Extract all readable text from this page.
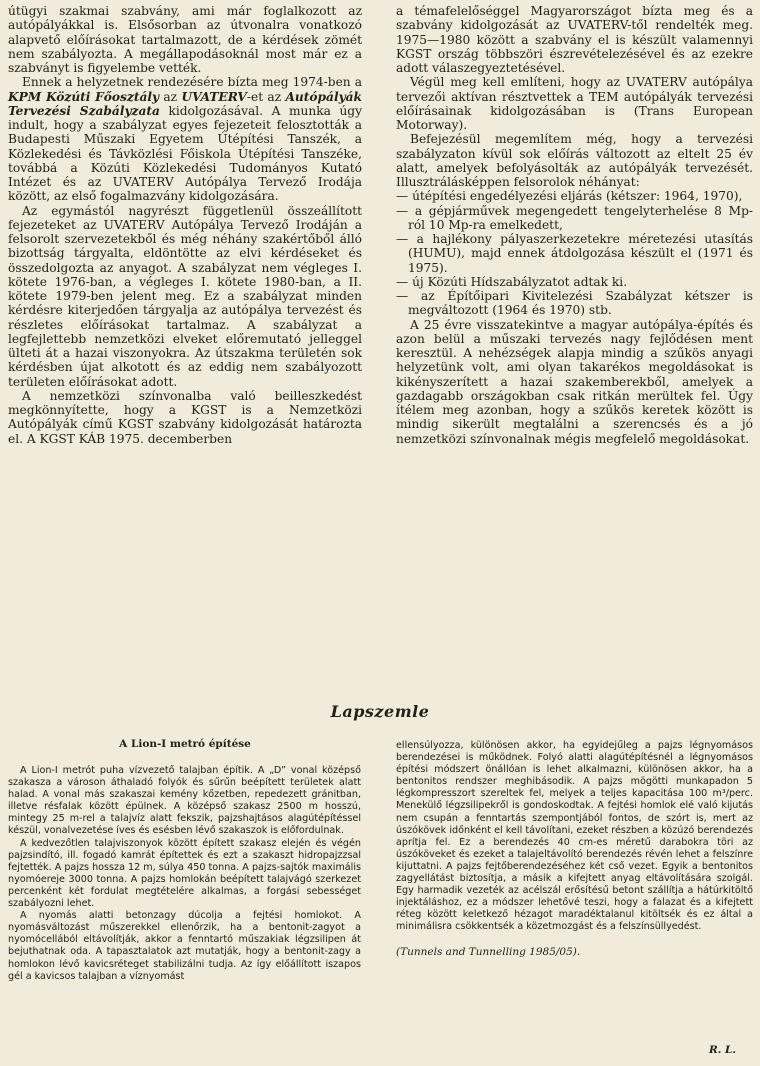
útügyi szakmai szabvány, ami már foglalkozott az autópályákkal is. Elsősorban az útvonalra vonatkozó alapvető előírásokat tartalmazott, de a kérdések zömét nem szabályozta. A megállapodásoknál most már ez a szabványt is figyelembe vették.

Ennek a helyzetnek rendezésére bízta meg 1974-ben a KPM Közúti Főosztály az UVATERV-et az Autópályák Tervezési Szabályzata kidolgozásával. A munka úgy indult, hogy a szabályzat egyes fejezeteit felosztották a Budapesti Műszaki Egyetem Útépítési Tanszék, a Közlekedési és Távközlési Főiskola Útépítési Tanszéke, továbbá a Közúti Közlekedési Tudományos Kutató Intézet és az UVATERV Autópálya Tervező Irodája között, az első fogalmazvány kidolgozására.

Az egymástól nagyrészt függetlenül összeállított fejezeteket az UVATERV Autópálya Tervező Irodáján a felsorolt szervezetekből és még néhány szakértőből álló bizottság tárgyalta, eldöntötte az elvi kérdéseket és összedolgozta az anyagot. A szabályzat nem végleges I. kötete 1976-ban, a végleges I. kötete 1980-ban, a II. kötete 1979-ben jelent meg. Ez a szabályzat minden kérdésre kiterjedően tárgyalja az autópálya tervezést és részletes előírásokat tartalmaz. A szabályzat a legfejlettebb nemzetközi elveket előremutató jelleggel ülteti át a hazai viszonyokra. Az útszakma területén sok kérdésben újat alkotott és az eddig nem szabályozott területen előírásokat adott.

A nemzetközi színvonalba való beilleszkedést megkönnyítette, hogy a KGST is a Nemzetközi Autópályák című KGST szabvány kidolgozását határozta el. A KGST KÁB 1975. decemberben

a témafelelőséggel Magyarországot bízta meg és a szabvány kidolgozását az UVATERV-től rendelték meg. 1975—1980 között a szabvány el is készült valamennyi KGST ország többszöri észrevételezésével és az ezekre adott válaszegyeztetésével.

Végül meg kell említeni, hogy az UVATERV autópálya tervezői aktívan résztvettek a TEM autópályák tervezési előírásainak kidolgozásában is (Trans European Motorway).

Befejezésül megemlítem még, hogy a tervezési szabályzaton kívül sok előírás változott az eltelt 25 év alatt, amelyek befolyásolták az autópályák tervezését. Illusztrálásképpen felsorolok néhányat:

— útépítési engedélyezési eljárás (kétszer: 1964, 1970),

— a gépjárművek megengedett tengelyterhelése 8 Mp-ról 10 Mp-ra emelkedett,

— a hajlékony pályaszerkezetekre méretezési utasítás (HUMU), majd ennek átdolgozása készült el (1971 és 1975).

— új Közúti Hídszabályzatot adtak ki.

— az Építőipari Kivitelezési Szabályzat kétszer is megváltozott (1964 és 1970) stb.

A 25 évre visszatekintve a magyar autópálya-építés és azon belül a műszaki tervezés nagy fejlődésen ment keresztül. A nehézségek alapja mindig a szűkös anyagi helyzetünk volt, ami olyan takarékos megoldásokat is kikényszerített a hazai szakemberekből, amelyek a gazdagabb országokban csak ritkán merültek fel. Úgy ítélem meg azonban, hogy a szűkös keretek között is mindig sikerült megtalálni a szerencsés és a jó nemzetközi színvonalnak mégis megfelelő megoldásokat.

Lapszemle
A Lion-I metró építése

A Lion-I metrót puha vízvezető talajban építik. A „D” vonal középső szakasza a városon áthaladó folyók és sűrűn beépített területek alatt halad. A vonal más szakaszai kemény kőzetben, repedezett gránitban, illetve résfalak között épülnek. A középső szakasz 2500 m hosszú, mintegy 25 m-rel a talajvíz alatt fekszik, pajzshajtásos alagútépítéssel készül, vonalvezetése íves és esésben lévő szakaszok is előfordulnak.

A kedvezőtlen talajviszonyok között épített szakasz elején és végén pajzsindító, ill. fogadó kamrát építettek és ezt a szakaszt hidropajzzsal fejtették. A pajzs hossza 12 m, súlya 450 tonna. A pajzs-sajtók maximális nyomóereje 3000 tonna. A pajzs homlokán beépített talajvágó szerkezet percenként két fordulat megtételére alkalmas, a forgási sebességet szabályozni lehet.

A nyomás alatti betonzagy dúcolja a fejtési homlokot. A nyomásváltozást műszerekkel ellenőrzik, ha a bentonit-zagyot a nyomócellából eltávolítják, akkor a fenntartó műszakiak légzsilipen át bejuthatnak oda. A tapasztalatok azt mutatják, hogy a bentonit-zagy a homlokon lévő kavicsréteget stabilizálni tudja. Az így előállított iszapos gél a kavicsos talajban a víznyomást

ellensúlyozza, különösen akkor, ha egyidejűleg a pajzs légnyomásos berendezései is működnek. Folyó alatti alagútépítésnél a légnyomásos építési módszert önállóan is lehet alkalmazni, különösen akkor, ha a bentonitos rendszer meghibásodik. A pajzs mögötti munkapadon 5 légkompresszort szereltek fel, melyek a teljes kapacitása 100 m³/perc. Menekülő légzsilipekről is gondoskodtak. A fejtési homlok elé való kijutás nem csupán a fenntartás szempontjából fontos, de szórt is, mert az úszókövek időnként el kell távolítani, ezeket részben a közúzó berendezés aprítja fel. Ez a berendezés 40 cm-es méretű darabokra töri az úszóköveket és ezeket a talajeltávolító berendezés révén lehet a felszínre kijuttatni. A pajzs fejtőberendezéséhez két cső vezet. Egyik a bentonitos zagyellátást biztosítja, a másik a kifejtett anyag eltávolítására szolgál. Egy harmadik vezeték az acélszál erősítésű betont szállítja a hátúrkitöltő injektáláshoz, ez a módszer lehetővé teszi, hogy a falazat és a kifejtett réteg között keletkező hézagot maradéktalanul kitöltsék és ez által a minimálisra csökkentsék a közetmozgást és a felszínsüllyedést.

(Tunnels and Tunnelling 1985/05).

R. L.
